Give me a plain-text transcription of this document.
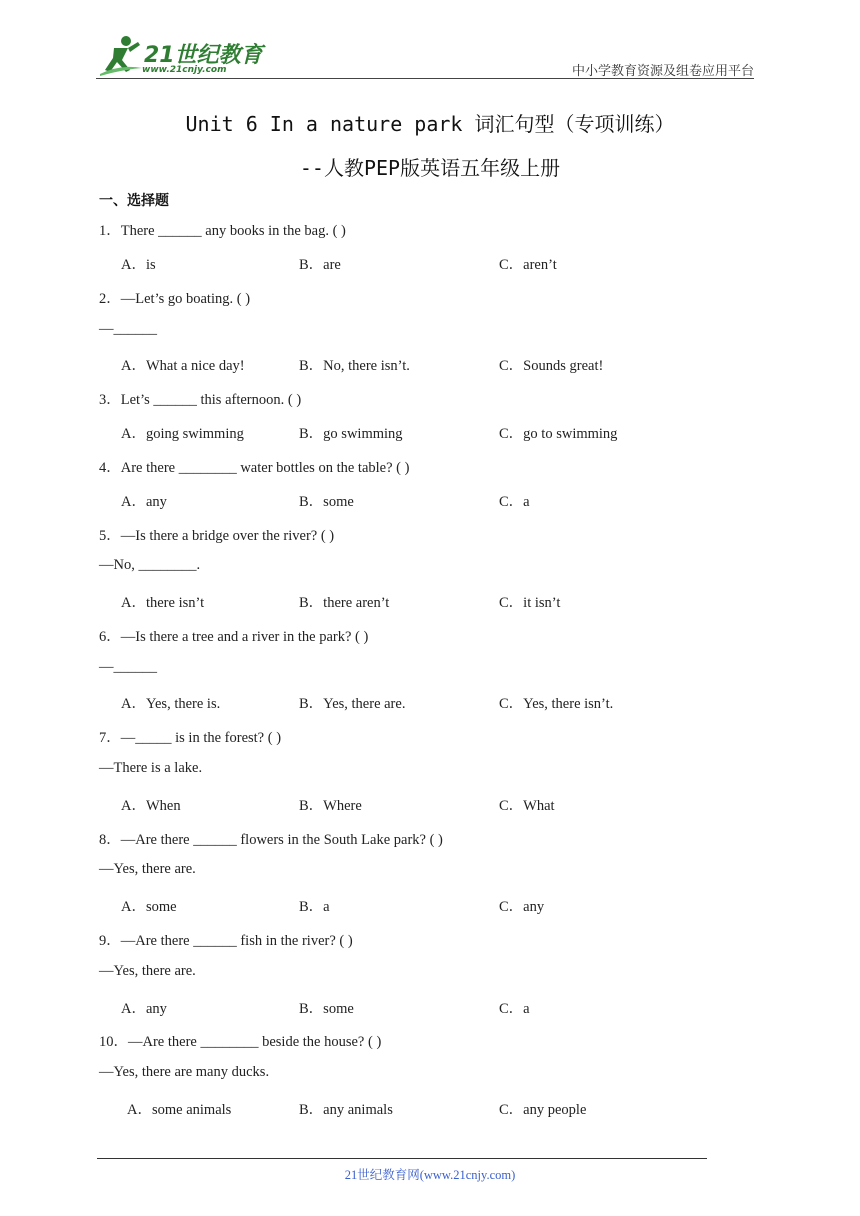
21世纪教育
www.21cnjy.com	中小学教育资源及组卷应用平台
Unit 6 In a nature park 词汇句型（专项训练）
--人教PEP版英语五年级上册
一、选择题
1．There ______ any books in the bag. ( )
A．is	B．are	C．aren’t
2．—Let’s go boating. ( )
—______
A．What a nice day!	B．No, there isn’t.	C．Sounds great!
3．Let’s ______ this afternoon. ( )
A．going swimming	B．go swimming	C．go to swimming
4．Are there ________ water bottles on the table? ( )
A．any	B．some	C．a
5．—Is there a bridge over the river? ( )
—No, ________.
A．there isn’t	B．there aren’t	C．it isn’t
6．—Is there a tree and a river in the park? ( )
—______
A．Yes, there is.	B．Yes, there are.	C．Yes, there isn’t.
7．—_____ is in the forest? ( )
—There is a lake.
A．When	B．Where	C．What
8．—Are there ______ flowers in the South Lake park? ( )
—Yes, there are.
A．some	B．a	C．any
9．—Are there ______ fish in the river? ( )
—Yes, there are.
A．any	B．some	C．a
10．—Are there ________ beside the house? ( )
—Yes, there are many ducks.
A．some animals	B．any animals	C．any people
21世纪教育网(www.21cnjy.com)
